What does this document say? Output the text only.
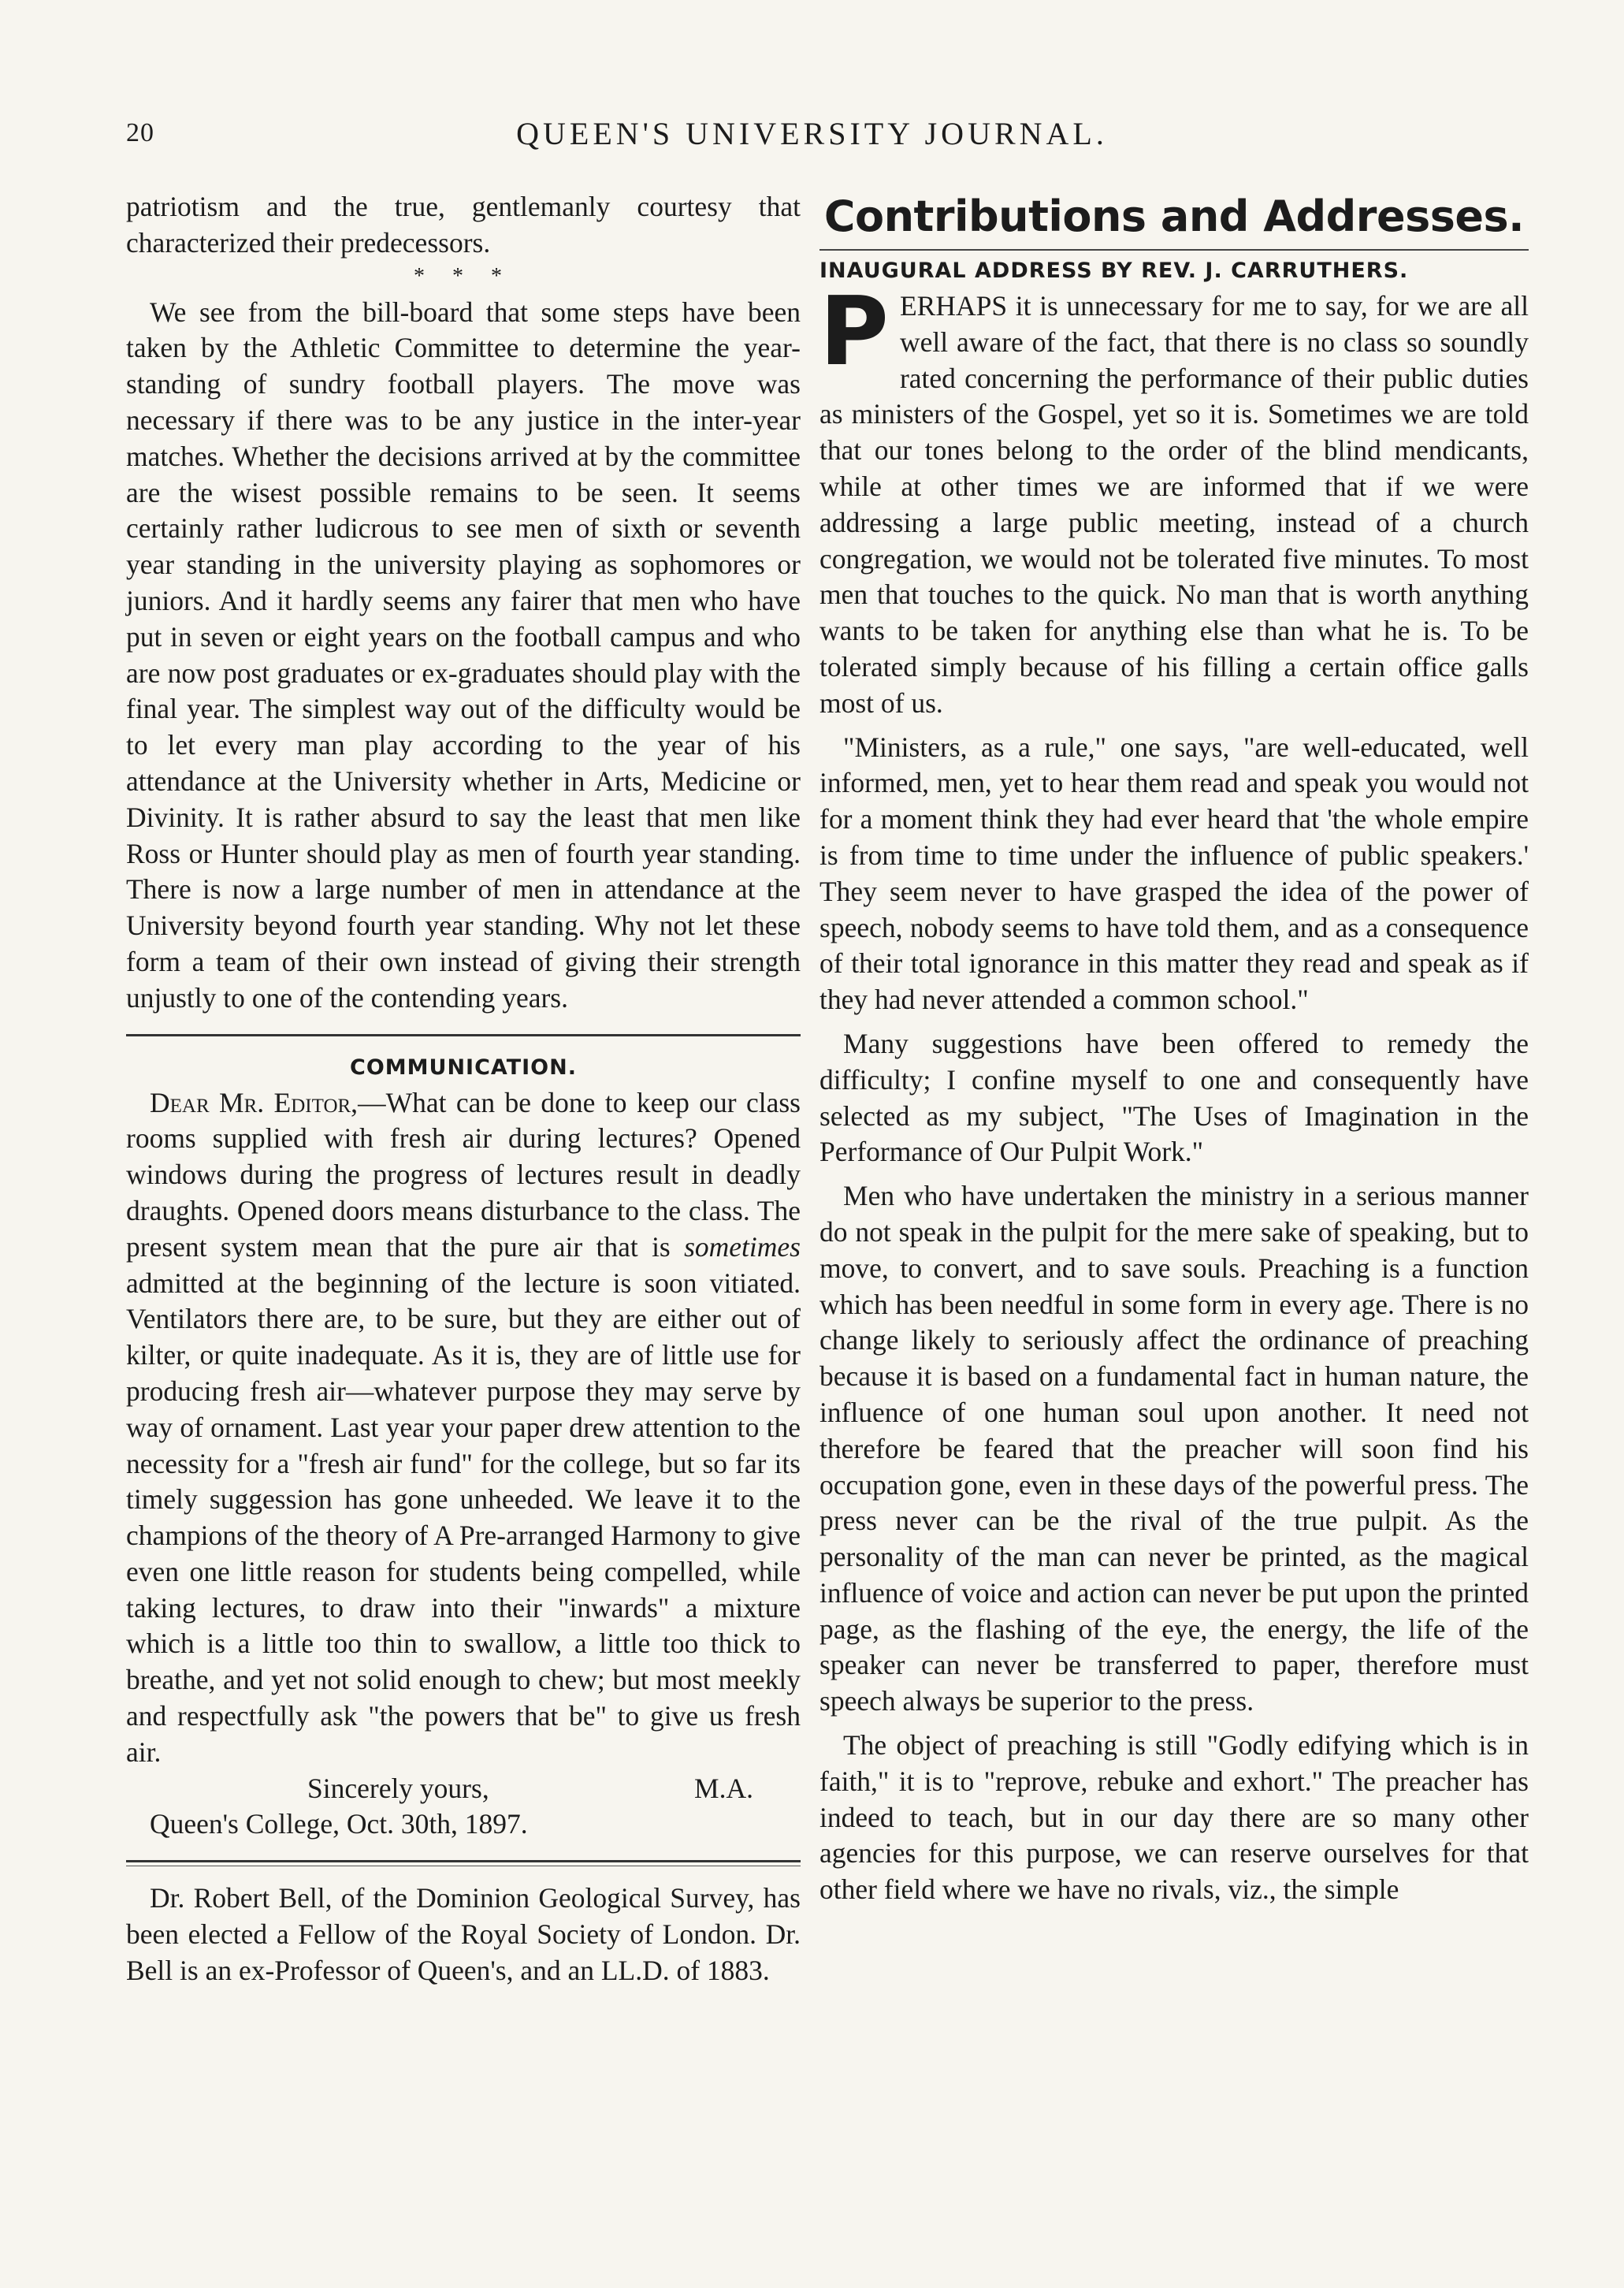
20	QUEEN'S UNIVERSITY JOURNAL.

patriotism and the true, gentlemanly courtesy that characterized their predecessors.

* * *

We see from the bill-board that some steps have been taken by the Athletic Committee to determine the year-standing of sundry football players. The move was necessary if there was to be any justice in the inter-year matches. Whether the decisions arrived at by the committee are the wisest possible remains to be seen. It seems certainly rather ludicrous to see men of sixth or seventh year standing in the university playing as sophomores or juniors. And it hardly seems any fairer that men who have put in seven or eight years on the football campus and who are now post graduates or ex-graduates should play with the final year. The simplest way out of the difficulty would be to let every man play according to the year of his attendance at the University whether in Arts, Medicine or Divinity. It is rather absurd to say the least that men like Ross or Hunter should play as men of fourth year standing. There is now a large number of men in attendance at the University beyond fourth year standing. Why not let these form a team of their own instead of giving their strength unjustly to one of the contending years.

COMMUNICATION.

Dear Mr. Editor,—What can be done to keep our class rooms supplied with fresh air during lectures? Opened windows during the progress of lectures result in deadly draughts. Opened doors means disturbance to the class. The present system mean that the pure air that is sometimes admitted at the beginning of the lecture is soon vitiated. Ventilators there are, to be sure, but they are either out of kilter, or quite inadequate. As it is, they are of little use for producing fresh air—whatever purpose they may serve by way of ornament. Last year your paper drew attention to the necessity for a "fresh air fund" for the college, but so far its timely suggession has gone unheeded. We leave it to the champions of the theory of A Pre-arranged Harmony to give even one little reason for students being compelled, while taking lectures, to draw into their "inwards" a mixture which is a little too thin to swallow, a little too thick to breathe, and yet not solid enough to chew; but most meekly and respectfully ask "the powers that be" to give us fresh air.

Sincerely yours,	M.A.

Queen's College, Oct. 30th, 1897.

Dr. Robert Bell, of the Dominion Geological Survey, has been elected a Fellow of the Royal Society of London. Dr. Bell is an ex-Professor of Queen's, and an LL.D. of 1883.

Contributions and Addresses.
INAUGURAL ADDRESS BY REV. J. CARRUTHERS.

PERHAPS it is unnecessary for me to say, for we are all well aware of the fact, that there is no class so soundly rated concerning the performance of their public duties as ministers of the Gospel, yet so it is. Sometimes we are told that our tones belong to the order of the blind mendicants, while at other times we are informed that if we were addressing a large public meeting, instead of a church congregation, we would not be tolerated five minutes. To most men that touches to the quick. No man that is worth anything wants to be taken for anything else than what he is. To be tolerated simply because of his filling a certain office galls most of us.

"Ministers, as a rule," one says, "are well-educated, well informed, men, yet to hear them read and speak you would not for a moment think they had ever heard that 'the whole empire is from time to time under the influence of public speakers.' They seem never to have grasped the idea of the power of speech, nobody seems to have told them, and as a consequence of their total ignorance in this matter they read and speak as if they had never attended a common school."

Many suggestions have been offered to remedy the difficulty; I confine myself to one and consequently have selected as my subject, "The Uses of Imagination in the Performance of Our Pulpit Work."

Men who have undertaken the ministry in a serious manner do not speak in the pulpit for the mere sake of speaking, but to move, to convert, and to save souls. Preaching is a function which has been needful in some form in every age. There is no change likely to seriously affect the ordinance of preaching because it is based on a fundamental fact in human nature, the influence of one human soul upon another. It need not therefore be feared that the preacher will soon find his occupation gone, even in these days of the powerful press. The press never can be the rival of the true pulpit. As the personality of the man can never be printed, as the magical influence of voice and action can never be put upon the printed page, as the flashing of the eye, the energy, the life of the speaker can never be transferred to paper, therefore must speech always be superior to the press.

The object of preaching is still "Godly edifying which is in faith," it is to "reprove, rebuke and exhort." The preacher has indeed to teach, but in our day there are so many other agencies for this purpose, we can reserve ourselves for that other field where we have no rivals, viz., the simple
